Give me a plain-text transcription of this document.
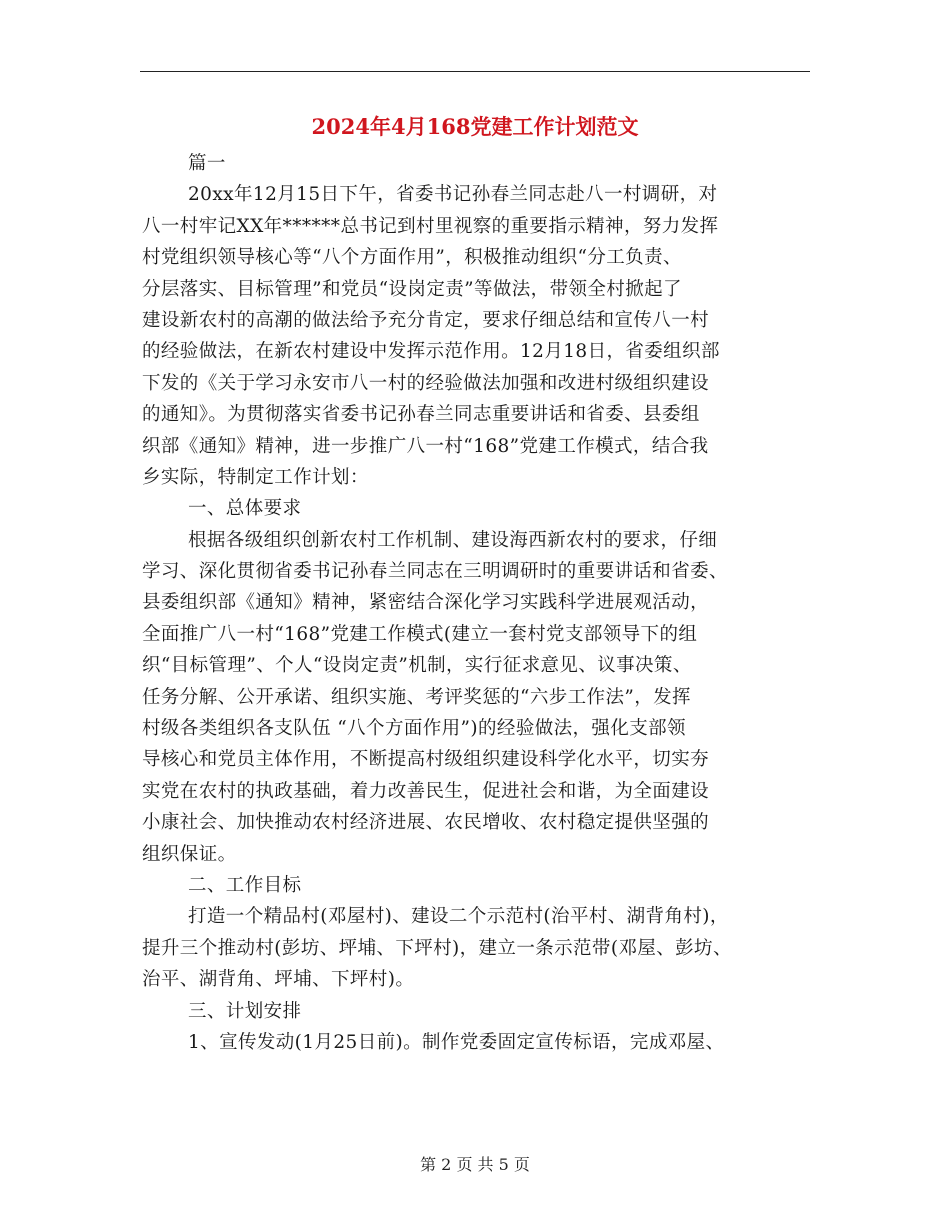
2024年4月168党建工作计划范文
篇一
20xx年12月15日下午，省委书记孙春兰同志赴八一村调研，对
八一村牢记XX年******总书记到村里视察的重要指示精神，努力发挥
村党组织领导核心等“八个方面作用”，积极推动组织“分工负责、
分层落实、目标管理”和党员“设岗定责”等做法，带领全村掀起了
建设新农村的高潮的做法给予充分肯定，要求仔细总结和宣传八一村
的经验做法，在新农村建设中发挥示范作用。12月18日，省委组织部
下发的《关于学习永安市八一村的经验做法加强和改进村级组织建设
的通知》。为贯彻落实省委书记孙春兰同志重要讲话和省委、县委组
织部《通知》精神，进一步推广八一村“168”党建工作模式，结合我
乡实际，特制定工作计划：
一、总体要求
根据各级组织创新农村工作机制、建设海西新农村的要求，仔细
学习、深化贯彻省委书记孙春兰同志在三明调研时的重要讲话和省委、
县委组织部《通知》精神，紧密结合深化学习实践科学进展观活动，
全面推广八一村“168”党建工作模式(建立一套村党支部领导下的组
织“目标管理”、个人“设岗定责”机制，实行征求意见、议事决策、
任务分解、公开承诺、组织实施、考评奖惩的“六步工作法”，发挥
村级各类组织各支队伍 “八个方面作用”)的经验做法，强化支部领
导核心和党员主体作用，不断提高村级组织建设科学化水平，切实夯
实党在农村的执政基础，着力改善民生，促进社会和谐，为全面建设
小康社会、加快推动农村经济进展、农民增收、农村稳定提供坚强的
组织保证。
二、工作目标
打造一个精品村(邓屋村)、建设二个示范村(治平村、湖背角村)，
提升三个推动村(彭坊、坪埔、下坪村)，建立一条示范带(邓屋、彭坊、
治平、湖背角、坪埔、下坪村)。
三、计划安排
1、宣传发动(1月25日前)。制作党委固定宣传标语，完成邓屋、
第 2 页 共 5 页
